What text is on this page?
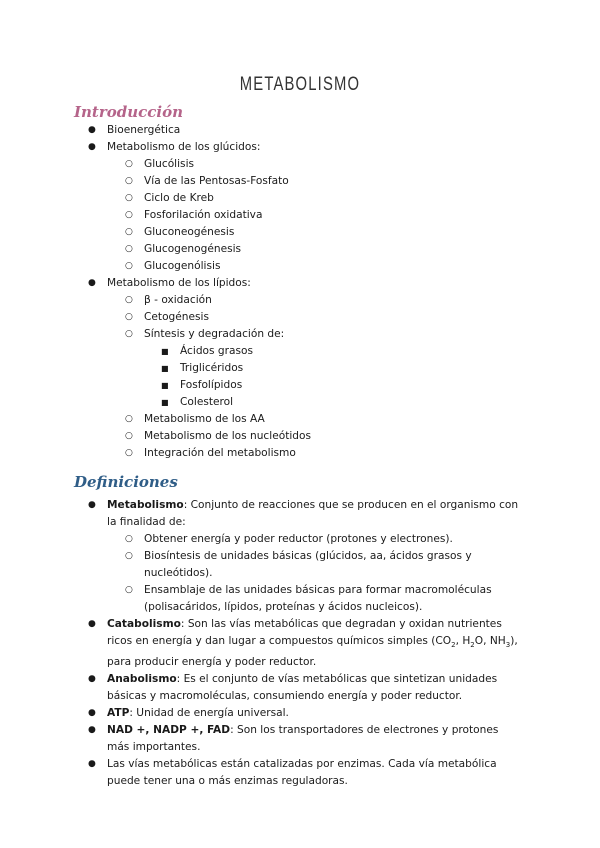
METABOLISMO
Introducción
● Bioenergética
● Metabolismo de los glúcidos:
○ Glucólisis
○ Vía de las Pentosas-Fosfato
○ Ciclo de Kreb
○ Fosforilación oxidativa
○ Gluconeogénesis
○ Glucogenogénesis
○ Glucogenólisis
● Metabolismo de los lípidos:
○ β - oxidación
○ Cetogénesis
○ Síntesis y degradación de:
■ Ácidos grasos
■ Triglicéridos
■ Fosfolípidos
■ Colesterol
○ Metabolismo de los AA
○ Metabolismo de los nucleótidos
○ Integración del metabolismo
Definiciones
● Metabolismo: Conjunto de reacciones que se producen en el organismo con la finalidad de:
○ Obtener energía y poder reductor (protones y electrones).
○ Biosíntesis de unidades básicas (glúcidos, aa, ácidos grasos y nucleótidos).
○ Ensamblaje de las unidades básicas para formar macromoléculas (polisacáridos, lípidos, proteínas y ácidos nucleicos).
● Catabolismo: Son las vías metabólicas que degradan y oxidan nutrientes ricos en energía y dan lugar a compuestos químicos simples ($CO_2$, $H_2O$, $NH_3$), para producir energía y poder reductor.
● Anabolismo: Es el conjunto de vías metabólicas que sintetizan unidades básicas y macromoléculas, consumiendo energía y poder reductor.
● ATP: Unidad de energía universal.
● NAD +, NADP +, FAD: Son los transportadores de electrones y protones más importantes.
● Las vías metabólicas están catalizadas por enzimas. Cada vía metabólica puede tener una o más enzimas reguladoras.
